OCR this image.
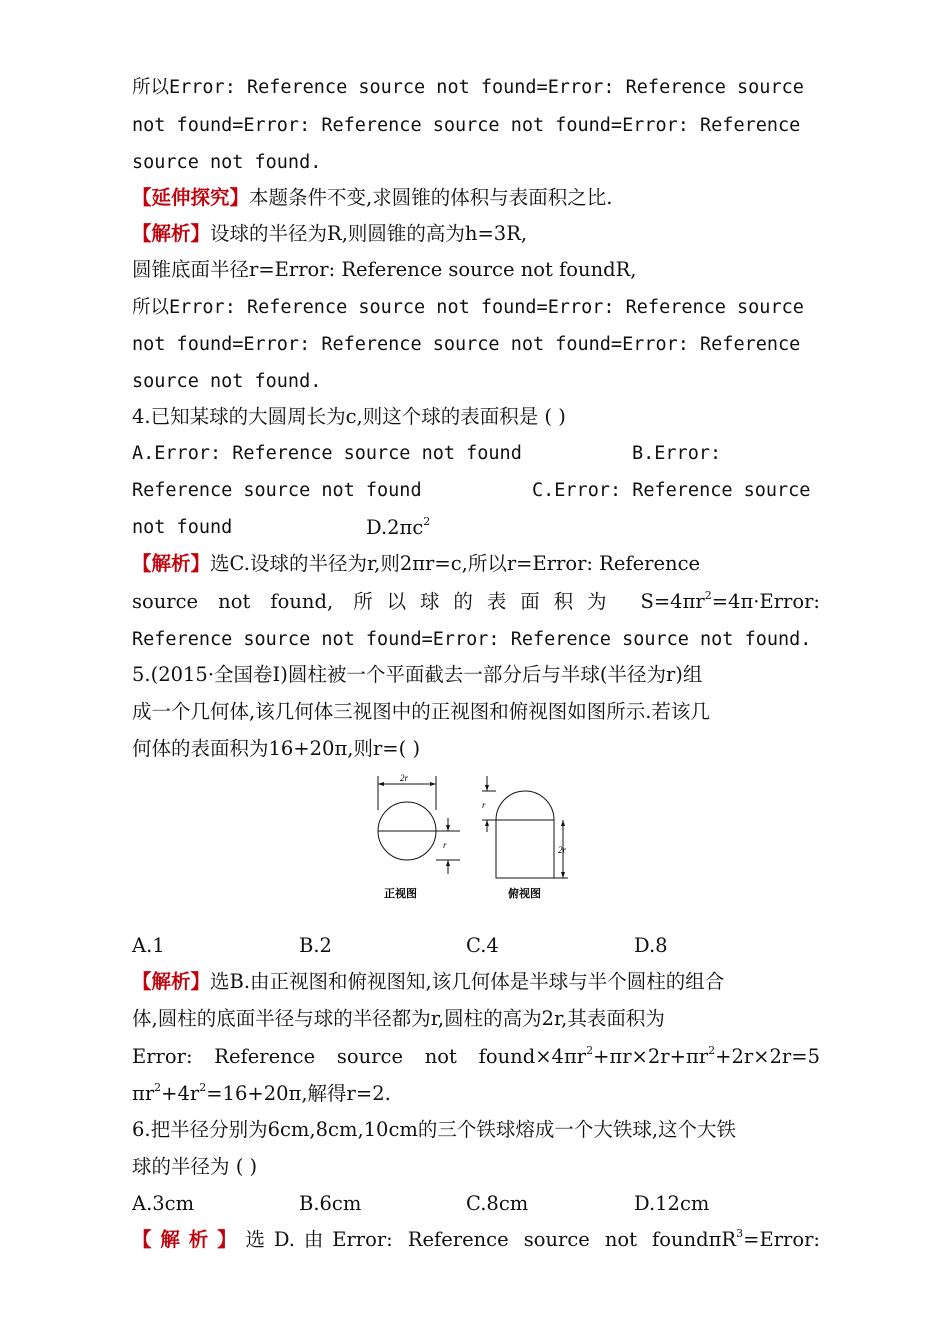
所以Error: Reference source not found=Error: Reference source
not found=Error: Reference source not found=Error: Reference
source not found.
【延伸探究】本题条件不变,求圆锥的体积与表面积之比.
【解析】设球的半径为R,则圆锥的高为h=3R,
圆锥底面半径r=Error: Reference source not foundR,
所以Error: Reference source not found=Error: Reference source
not found=Error: Reference source not found=Error: Reference
source not found.
4.已知某球的大圆周长为c,则这个球的表面积是 ( )
A.Error: Reference source not found	B.Error:
Reference source not found	C.Error: Reference source
not found	$D.2\pi c^2$
【解析】选C.设球的半径为r,则2πr=c,所以r=Error: Reference
source not found, 所以球的表面积为 $S=4\pi r^2=4\pi\cdot Error$:
Reference source not found=Error: Reference source not found.
5.(2015·全国卷Ⅰ)圆柱被一个平面截去一部分后与半球(半径为r)组
成一个几何体,该几何体三视图中的正视图和俯视图如图所示.若该几
何体的表面积为16+20π,则r=( )
2r
r
r
2r
正视图	俯视图
A.1	B.2	C.4	D.8
【解析】选B.由正视图和俯视图知,该几何体是半球与半个圆柱的组合
体,圆柱的底面半径与球的半径都为r,圆柱的高为2r,其表面积为
Error: Reference source not $found\times 4\pi r^2+\pi r\times 2r+\pi r^2+2r\times 2r=5$
$\pi r^2+4r^2=16+20\pi$,解得r=2.
6.把半径分别为6cm,8cm,10cm的三个铁球熔成一个大铁球,这个大铁
球的半径为 ( )
A.3cm	B.6cm	C.8cm	D.12cm
【解析】选D.由Error: Reference source not foundπR$^3$=Error:
